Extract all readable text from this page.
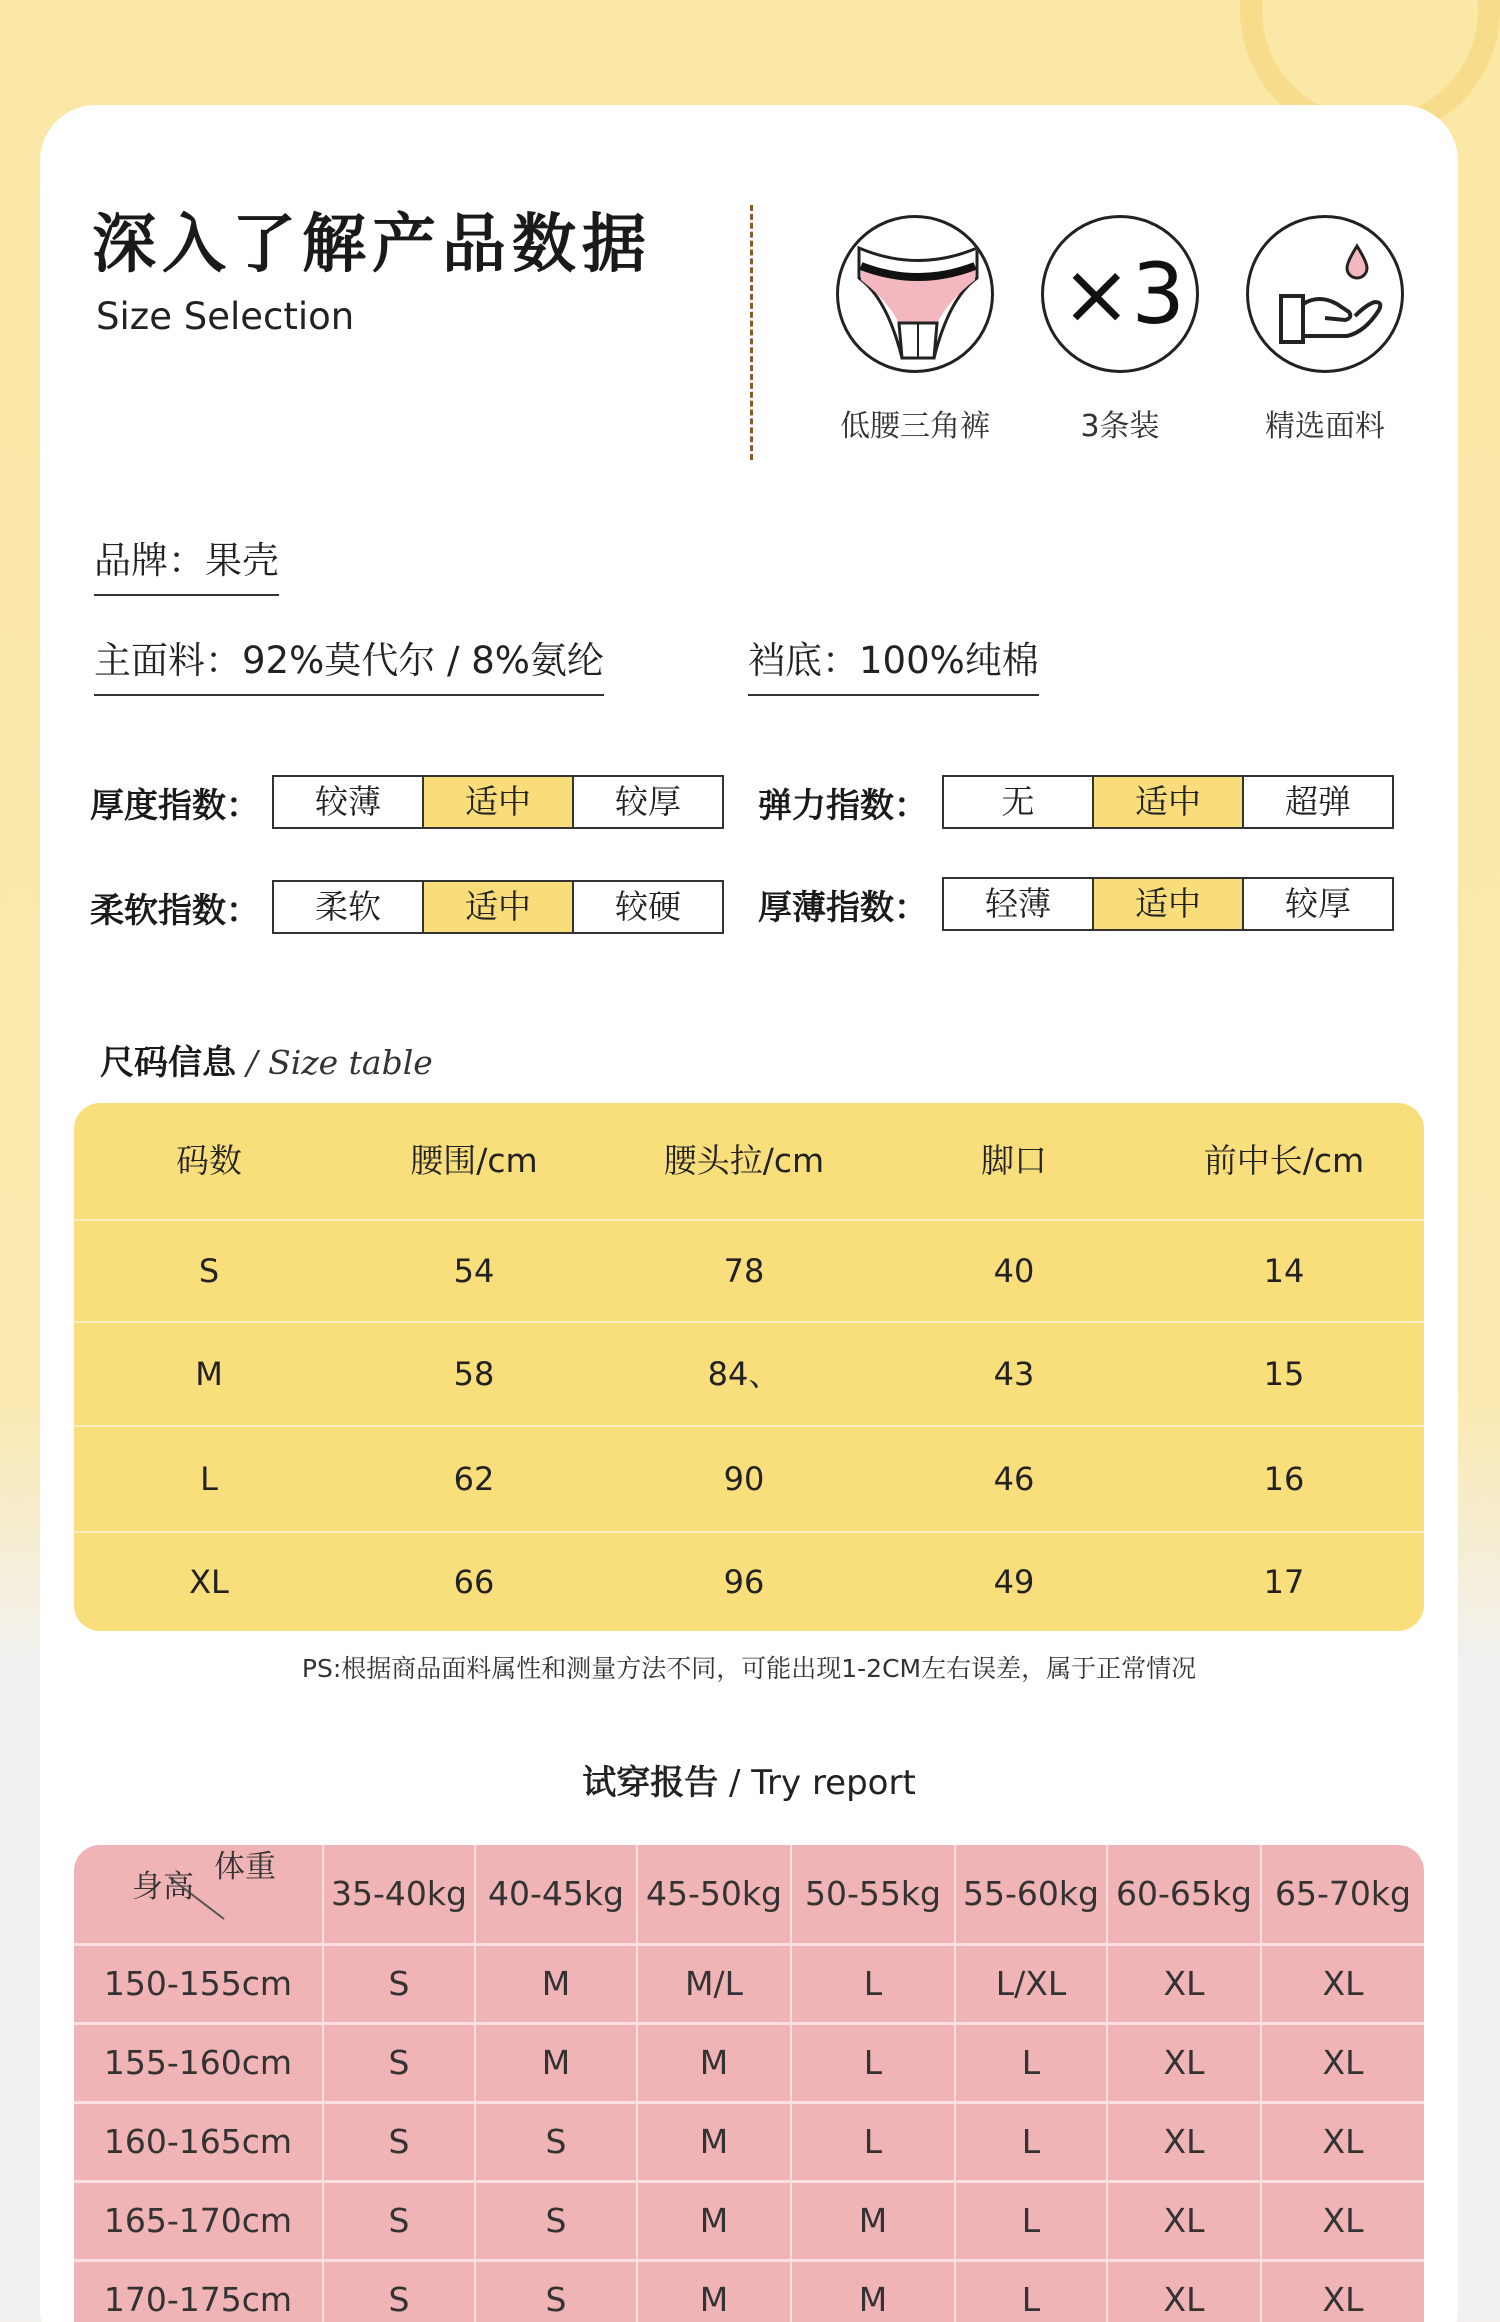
深入了解产品数据
Size Selection
低腰三角裤
×3
3条装	精选面料
品牌：果壳
主面料：92%莫代尔 / 8%氨纶	裆底：100%纯棉
厚度指数：	较薄	适中	较厚	弹力指数：	无	适中	超弹
柔软指数：	柔软	适中	较硬	厚薄指数：	轻薄	适中	较厚
尺码信息 / Size table
码数	腰围/cm	腰头拉/cm	脚口	前中长/cm
S	54	78	40	14
M	58	84、	43	15
L	62	90	46	16
XL	66	96	49	17
PS:根据商品面料属性和测量方法不同，可能出现1-2CM左右误差，属于正常情况
试穿报告 / Try report
身高
体重
35-40kg 40-45kg 45-50kg 50-55kg 55-60kg 60-65kg 65-70kg
150-155cm	S	M	M/L	L	L/XL	XL	XL
155-160cm	S	M	M	L	L	XL	XL
160-165cm	S	S	M	L	L	XL	XL
165-170cm	S	S	M	M	L	XL	XL
170-175cm	S	S	M	M	L	XL	XL
